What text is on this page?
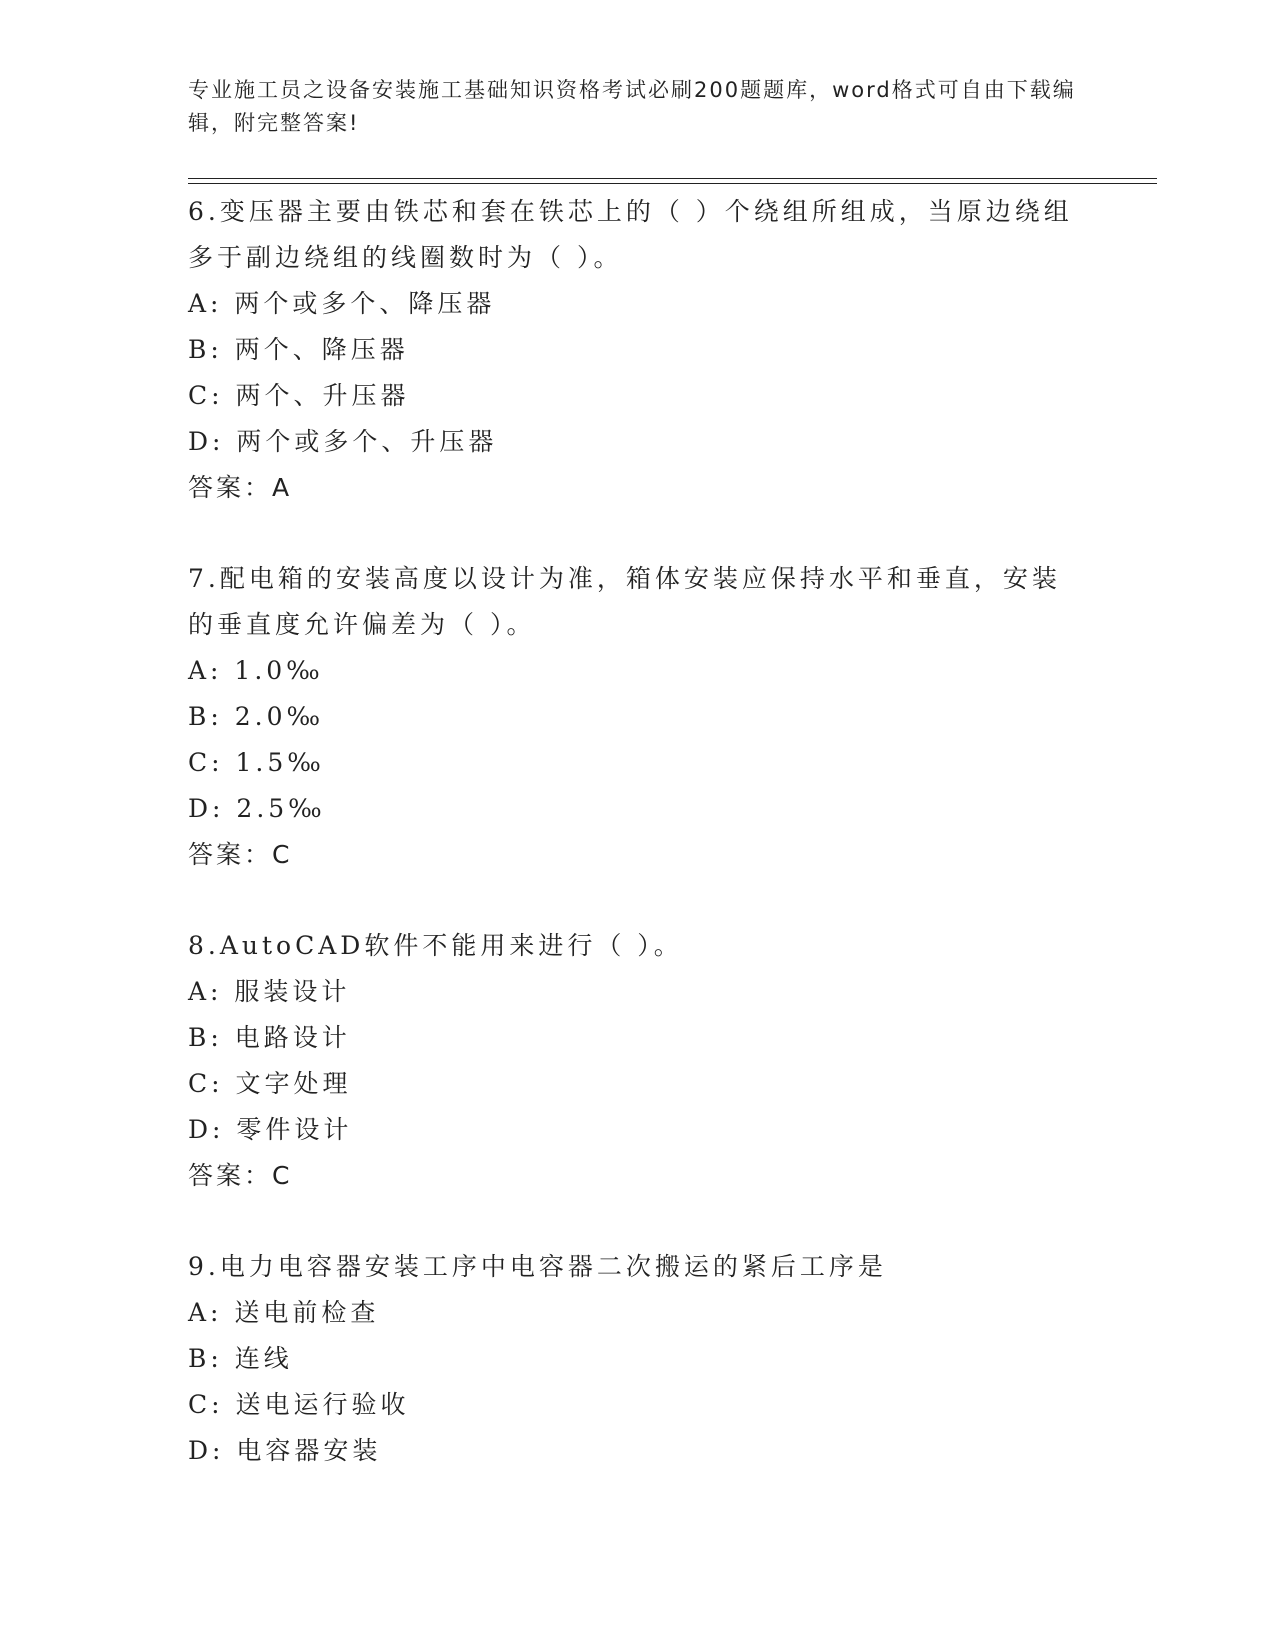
专业施工员之设备安装施工基础知识资格考试必刷200题题库，word格式可自由下载编辑，附完整答案!

6.变压器主要由铁芯和套在铁芯上的（ ）个绕组所组成，当原边绕组多于副边绕组的线圈数时为（ ）。

A: 两个或多个、降压器

B: 两个、降压器

C: 两个、升压器

D: 两个或多个、升压器

答案：A

7.配电箱的安装高度以设计为准，箱体安装应保持水平和垂直，安装的垂直度允许偏差为（ ）。

A: 1.0‰

B: 2.0‰

C: 1.5‰

D: 2.5‰

答案：C

8.AutoCAD软件不能用来进行（ ）。

A: 服装设计

B: 电路设计

C: 文字处理

D: 零件设计

答案：C

9.电力电容器安装工序中电容器二次搬运的紧后工序是

A: 送电前检查

B: 连线

C: 送电运行验收

D: 电容器安装
